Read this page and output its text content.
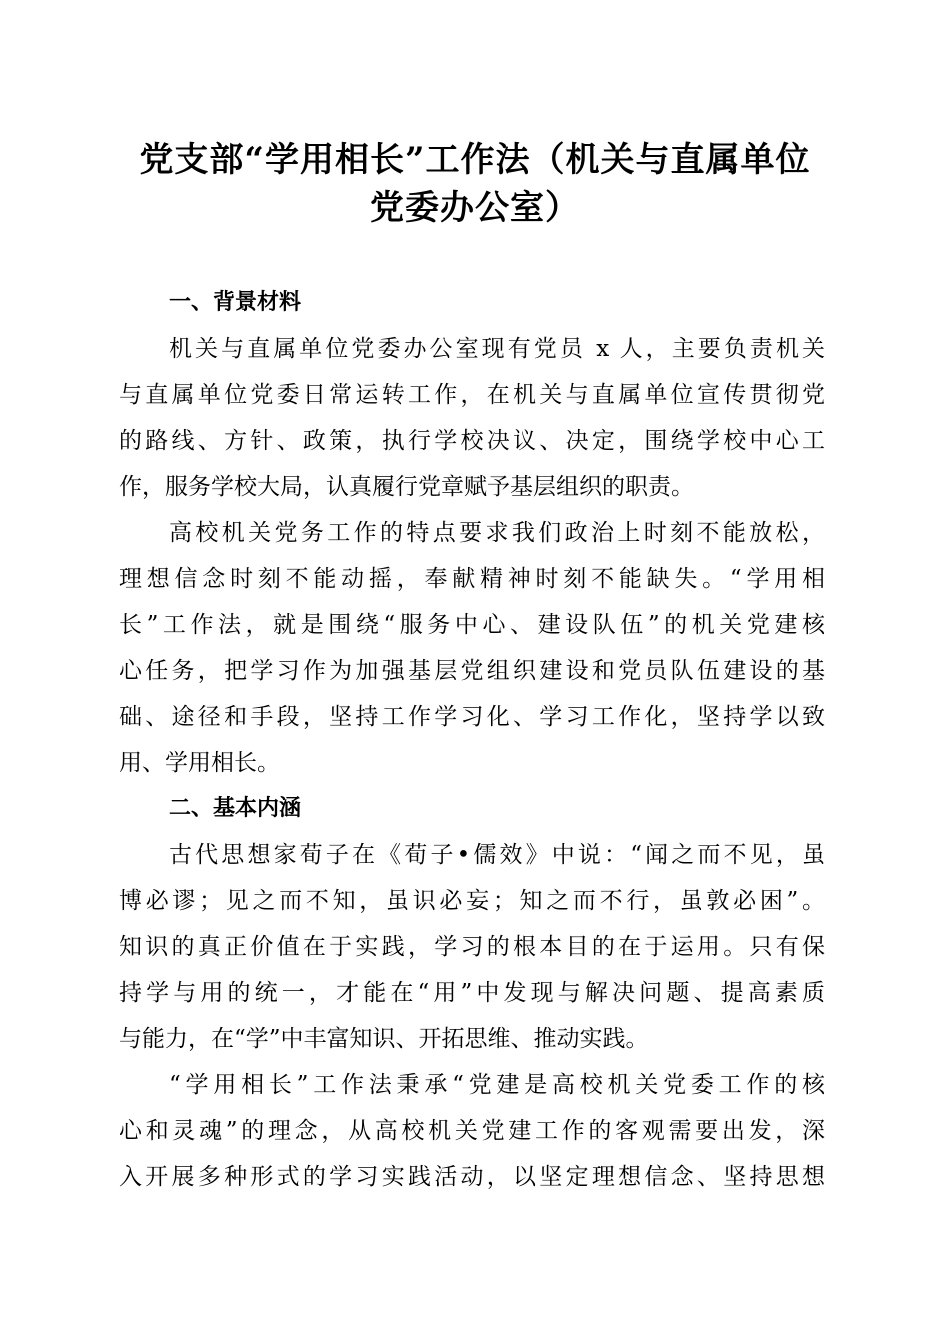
党支部“学用相长”工作法（机关与直属单位
党委办公室）
一、背景材料

机关与直属单位党委办公室现有党员 x 人，主要负责机关
与直属单位党委日常运转工作，在机关与直属单位宣传贯彻党
的路线、方针、政策，执行学校决议、决定，围绕学校中心工
作，服务学校大局，认真履行党章赋予基层组织的职责。

高校机关党务工作的特点要求我们政治上时刻不能放松，
理想信念时刻不能动摇，奉献精神时刻不能缺失。“学用相
长”工作法，就是围绕“服务中心、建设队伍”的机关党建核
心任务，把学习作为加强基层党组织建设和党员队伍建设的基
础、途径和手段，坚持工作学习化、学习工作化，坚持学以致
用、学用相长。

二、基本内涵

古代思想家荀子在《荀子•儒效》中说：“闻之而不见，虽
博必谬；见之而不知，虽识必妄；知之而不行，虽敦必困”。
知识的真正价值在于实践，学习的根本目的在于运用。只有保
持学与用的统一，才能在“用”中发现与解决问题、提高素质
与能力，在“学”中丰富知识、开拓思维、推动实践。

“学用相长”工作法秉承“党建是高校机关党委工作的核
心和灵魂”的理念，从高校机关党建工作的客观需要出发，深
入开展多种形式的学习实践活动，以坚定理想信念、坚持思想
